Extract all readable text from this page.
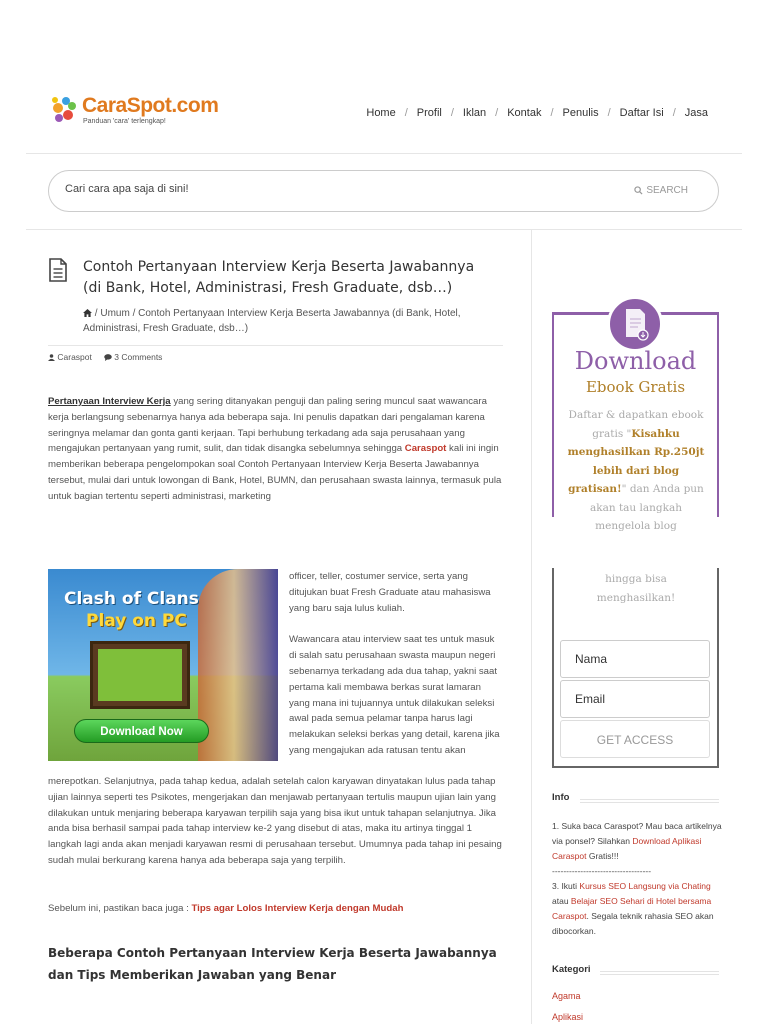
CaraSpot.com
Panduan 'cara' terlengkap!
Home / Profil / Iklan / Kontak / Penulis / Daftar Isi / Jasa
Cari cara apa saja di sini!
SEARCH
Contoh Pertanyaan Interview Kerja Beserta Jawabannya (di Bank, Hotel, Administrasi, Fresh Graduate, dsb…)
/ Umum / Contoh Pertanyaan Interview Kerja Beserta Jawabannya (di Bank, Hotel, Administrasi, Fresh Graduate, dsb…)
Caraspot	3 Comments
Pertanyaan Interview Kerja yang sering ditanyakan penguji dan paling sering muncul saat wawancara kerja berlangsung sebenarnya hanya ada beberapa saja. Ini penulis dapatkan dari pengalaman karena seringnya melamar dan gonta ganti kerjaan. Tapi berhubung terkadang ada saja perusahaan yang mengajukan pertanyaan yang rumit, sulit, dan tidak disangka sebelumnya sehingga Caraspot kali ini ingin memberikan beberapa pengelompokan soal Contoh Pertanyaan Interview Kerja Beserta Jawabannya tersebut, mulai dari untuk lowongan di Bank, Hotel, BUMN, dan perusahaan swasta lainnya, termasuk pula untuk bagian tertentu seperti administrasi, marketing
Clash of Clans
Play on PC
Download Now

officer, teller, costumer service, serta yang ditujukan buat Fresh Graduate atau mahasiswa yang baru saja lulus kuliah.

Wawancara atau interview saat tes untuk masuk di salah satu perusahaan swasta maupun negeri sebenarnya terkadang ada dua tahap, yakni saat pertama kali membawa berkas surat lamaran yang mana ini tujuannya untuk dilakukan seleksi awal pada semua pelamar tanpa harus lagi melakukan seleksi berkas yang detail, karena jika yang mengajukan ada ratusan tentu akan

merepotkan. Selanjutnya, pada tahap kedua, adalah setelah calon karyawan dinyatakan lulus pada tahap ujian lainnya seperti tes Psikotes, mengerjakan dan menjawab pertanyaan tertulis maupun ujian lain yang dilakukan untuk menjaring beberapa karyawan terpilih saja yang bisa ikut untuk tahapan selanjutnya. Jika anda bisa berhasil sampai pada tahap interview ke-2 yang disebut di atas, maka itu artinya tinggal 1 langkah lagi anda akan menjadi karyawan resmi di perusahaan tersebut. Umumnya pada tahap ini pesaing sudah mulai berkurang karena hanya ada beberapa saja yang terpilih.
Sebelum ini, pastikan baca juga : Tips agar Lolos Interview Kerja dengan Mudah
Beberapa Contoh Pertanyaan Interview Kerja Beserta Jawabannya dan Tips Memberikan Jawaban yang Benar
Download
Ebook Gratis
Daftar & dapatkan ebook gratis "Kisahku menghasilkan Rp.250jt lebih dari blog gratisan!" dan Anda pun akan tau langkah mengelola blog
hingga bisa menghasilkan!
Nama
Email
GET ACCESS
Info
1. Suka baca Caraspot? Mau baca artikelnya via ponsel? Silahkan Download Aplikasi Caraspot Gratis!!!
-----------------------------------
3. Ikuti Kursus SEO Langsung via Chating atau Belajar SEO Sehari di Hotel bersama Caraspot. Segala teknik rahasia SEO akan dibocorkan.
Kategori
Agama
Aplikasi
